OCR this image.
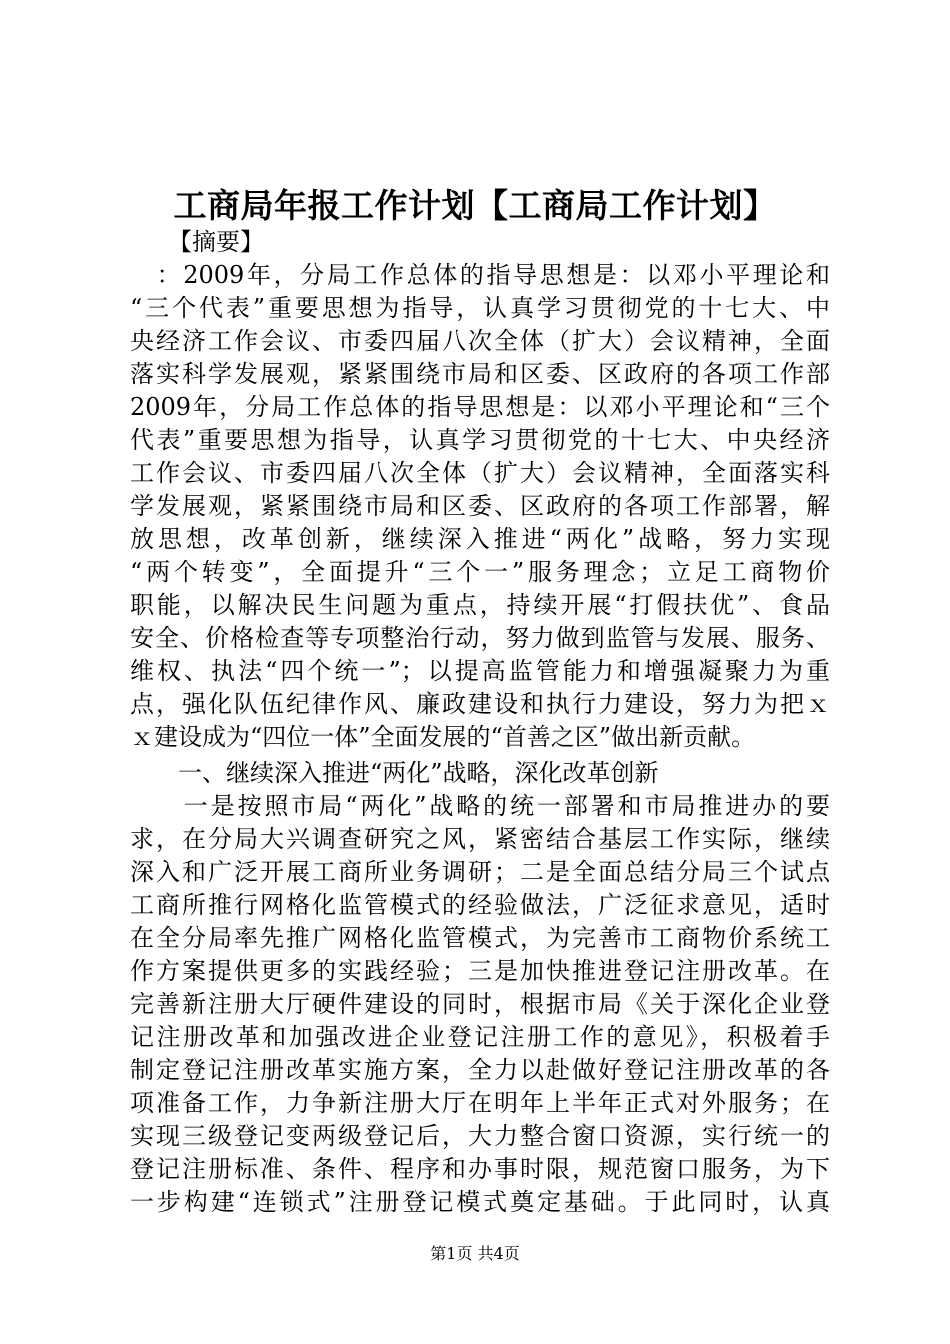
工商局年报工作计划【工商局工作计划】
【摘要】
　：2009年，分局工作总体的指导思想是：以邓小平理论和
“三个代表”重要思想为指导，认真学习贯彻党的十七大、中
央经济工作会议、市委四届八次全体（扩大）会议精神，全面
落实科学发展观，紧紧围绕市局和区委、区政府的各项工作部
2009年，分局工作总体的指导思想是：以邓小平理论和“三个
代表”重要思想为指导，认真学习贯彻党的十七大、中央经济
工作会议、市委四届八次全体（扩大）会议精神，全面落实科
学发展观，紧紧围绕市局和区委、区政府的各项工作部署，解
放思想，改革创新，继续深入推进“两化”战略，努力实现
“两个转变”，全面提升“三个一”服务理念；立足工商物价
职能，以解决民生问题为重点，持续开展“打假扶优”、食品
安全、价格检查等专项整治行动，努力做到监管与发展、服务、
维权、执法“四个统一”；以提高监管能力和增强凝聚力为重
点，强化队伍纪律作风、廉政建设和执行力建设，努力为把ｘ
ｘ建设成为“四位一体”全面发展的“首善之区”做出新贡献。
一、继续深入推进“两化”战略，深化改革创新
　　一是按照市局“两化”战略的统一部署和市局推进办的要
求，在分局大兴调查研究之风，紧密结合基层工作实际，继续
深入和广泛开展工商所业务调研；二是全面总结分局三个试点
工商所推行网格化监管模式的经验做法，广泛征求意见，适时
在全分局率先推广网格化监管模式，为完善市工商物价系统工
作方案提供更多的实践经验；三是加快推进登记注册改革。在
完善新注册大厅硬件建设的同时，根据市局《关于深化企业登
记注册改革和加强改进企业登记注册工作的意见》，积极着手
制定登记注册改革实施方案，全力以赴做好登记注册改革的各
项准备工作，力争新注册大厅在明年上半年正式对外服务；在
实现三级登记变两级登记后，大力整合窗口资源，实行统一的
登记注册标准、条件、程序和办事时限，规范窗口服务，为下
一步构建“连锁式”注册登记模式奠定基础。于此同时，认真
第1页 共4页
